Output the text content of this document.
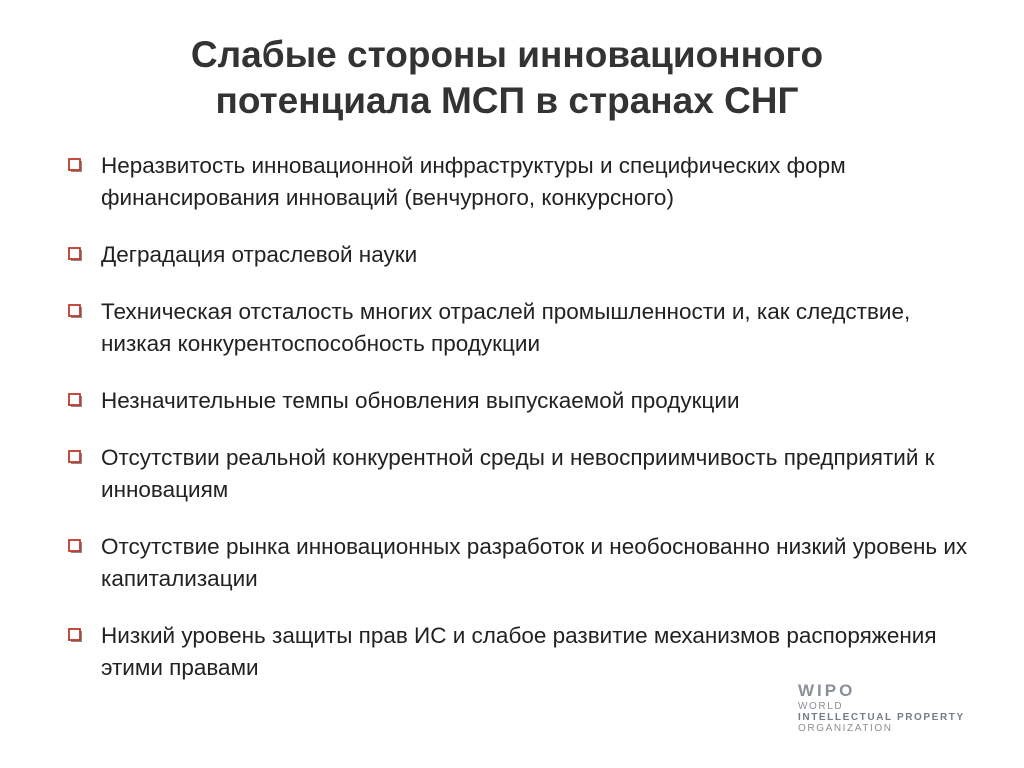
Слабые стороны инновационного
потенциала МСП в странах СНГ
Неразвитость инновационной инфраструктуры и специфических форм финансирования инноваций (венчурного, конкурсного)
Деградация отраслевой науки
Техническая отсталость многих отраслей промышленности и, как следствие, низкая конкурентоспособность продукции
Незначительные темпы обновления выпускаемой продукции
Отсутствии реальной конкурентной среды и невосприимчивость предприятий к инновациям
Отсутствие рынка инновационных разработок и необоснованно низкий уровень их капитализации
Низкий уровень защиты прав ИС и слабое развитие механизмов распоряжения этими правами
WIPO
WORLD
INTELLECTUAL PROPERTY
ORGANIZATION
